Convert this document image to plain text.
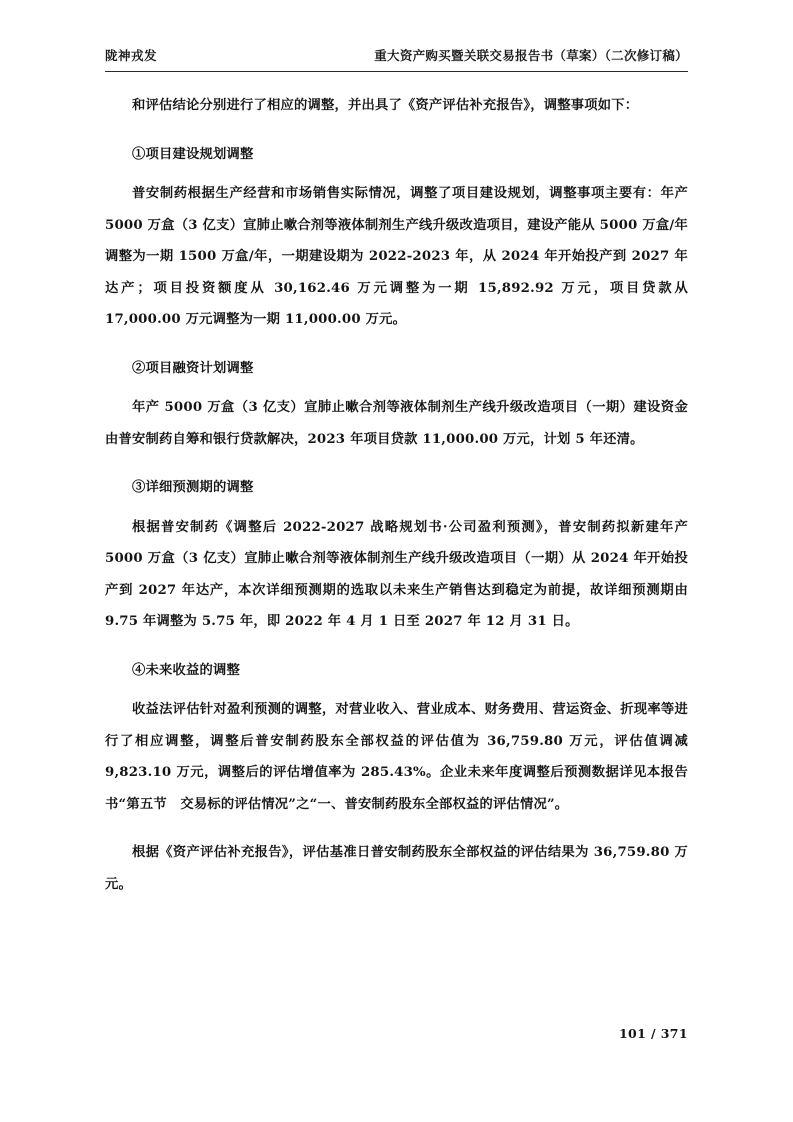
陇神戎发	重大资产购买暨关联交易报告书（草案）（二次修订稿）

和评估结论分别进行了相应的调整，并出具了《资产评估补充报告》，调整事项如下：

①项目建设规划调整

普安制药根据生产经营和市场销售实际情况，调整了项目建设规划，调整事项主要有：年产 5000 万盒（3 亿支）宣肺止嗽合剂等液体制剂生产线升级改造项目，建设产能从 5000 万盒/年调整为一期 1500 万盒/年，一期建设期为 2022-2023 年，从 2024 年开始投产到 2027 年达产；项目投资额度从 30,162.46 万元调整为一期 15,892.92 万元，项目贷款从 17,000.00 万元调整为一期 11,000.00 万元。

②项目融资计划调整

年产 5000 万盒（3 亿支）宣肺止嗽合剂等液体制剂生产线升级改造项目（一期）建设资金由普安制药自筹和银行贷款解决，2023 年项目贷款 11,000.00 万元，计划 5 年还清。

③详细预测期的调整

根据普安制药《调整后 2022-2027 战略规划书·公司盈利预测》，普安制药拟新建年产 5000 万盒（3 亿支）宣肺止嗽合剂等液体制剂生产线升级改造项目（一期）从 2024 年开始投产到 2027 年达产，本次详细预测期的选取以未来生产销售达到稳定为前提，故详细预测期由 9.75 年调整为 5.75 年，即 2022 年 4 月 1 日至 2027 年 12 月 31 日。

④未来收益的调整

收益法评估针对盈利预测的调整，对营业收入、营业成本、财务费用、营运资金、折现率等进行了相应调整，调整后普安制药股东全部权益的评估值为 36,759.80 万元，评估值调减 9,823.10 万元，调整后的评估增值率为 285.43%。企业未来年度调整后预测数据详见本报告书“第五节　交易标的评估情况”之“一、普安制药股东全部权益的评估情况”。

根据《资产评估补充报告》，评估基准日普安制药股东全部权益的评估结果为 36,759.80 万元。

101 / 371
